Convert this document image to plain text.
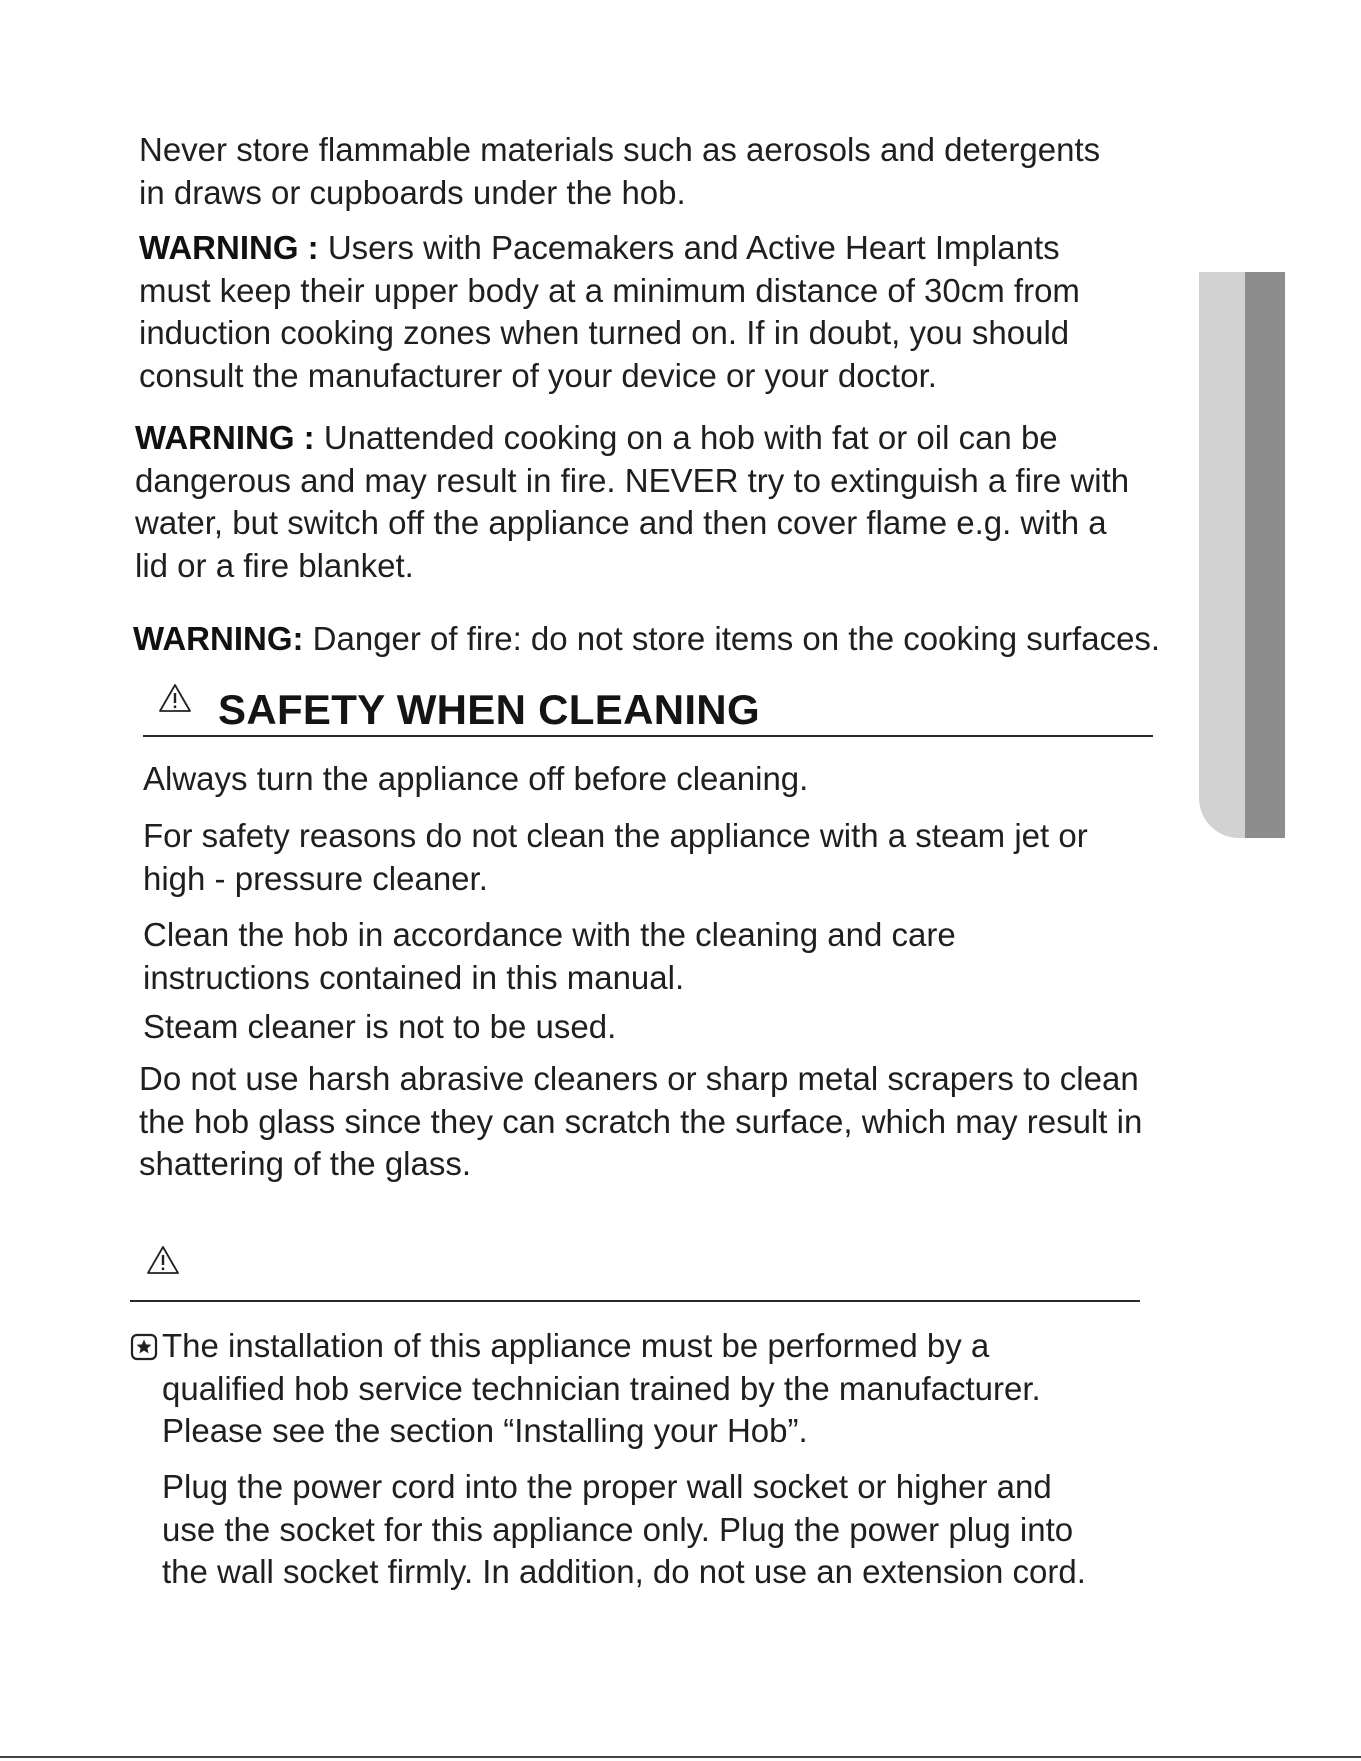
Never store flammable materials such as aerosols and detergents
in draws or cupboards under the hob.

WARNING : Users with Pacemakers and Active Heart Implants
must keep their upper body at a minimum distance of 30cm from
induction cooking zones when turned on. If in doubt, you should
consult the manufacturer of your device or your doctor.

WARNING : Unattended cooking on a hob with fat or oil can be
dangerous and may result in fire. NEVER try to extinguish a fire with
water, but switch off the appliance and then cover flame e.g. with a
lid or a fire blanket.

WARNING: Danger of fire: do not store items on the cooking surfaces.

SAFETY WHEN CLEANING

Always turn the appliance off before cleaning.

For safety reasons do not clean the appliance with a steam jet or
high - pressure cleaner.

Clean the hob in accordance with the cleaning and care
instructions contained in this manual.

Steam cleaner is not to be used.

Do not use harsh abrasive cleaners or sharp metal scrapers to clean
the hob glass since they can scratch the surface, which may result in
shattering of the glass.

The installation of this appliance must be performed by a
qualified hob service technician trained by the manufacturer.
Please see the section “Installing your Hob”.

Plug the power cord into the proper wall socket or higher and
use the socket for this appliance only. Plug the power plug into
the wall socket firmly. In addition, do not use an extension cord.
